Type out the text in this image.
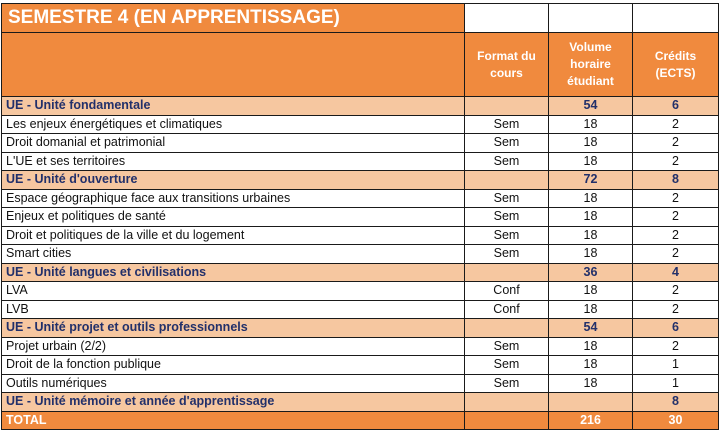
SEMESTRE 4 (EN APPRENTISSAGE)			
	Format du cours	Volume horaire étudiant	Crédits (ECTS)
UE - Unité fondamentale		54	6
Les enjeux énergétiques et climatiques	Sem	18	2
Droit domanial et patrimonial	Sem	18	2
L'UE et ses territoires	Sem	18	2
UE - Unité d'ouverture		72	8
Espace géographique face aux transitions urbaines	Sem	18	2
Enjeux et politiques de santé	Sem	18	2
Droit et politiques de la ville et du logement	Sem	18	2
Smart cities	Sem	18	2
UE - Unité langues et civilisations		36	4
LVA	Conf	18	2
LVB	Conf	18	2
UE - Unité projet et outils professionnels		54	6
Projet urbain (2/2)	Sem	18	2
Droit de la fonction publique	Sem	18	1
Outils numériques	Sem	18	1
UE - Unité mémoire et année d'apprentissage			8
TOTAL		216	30
